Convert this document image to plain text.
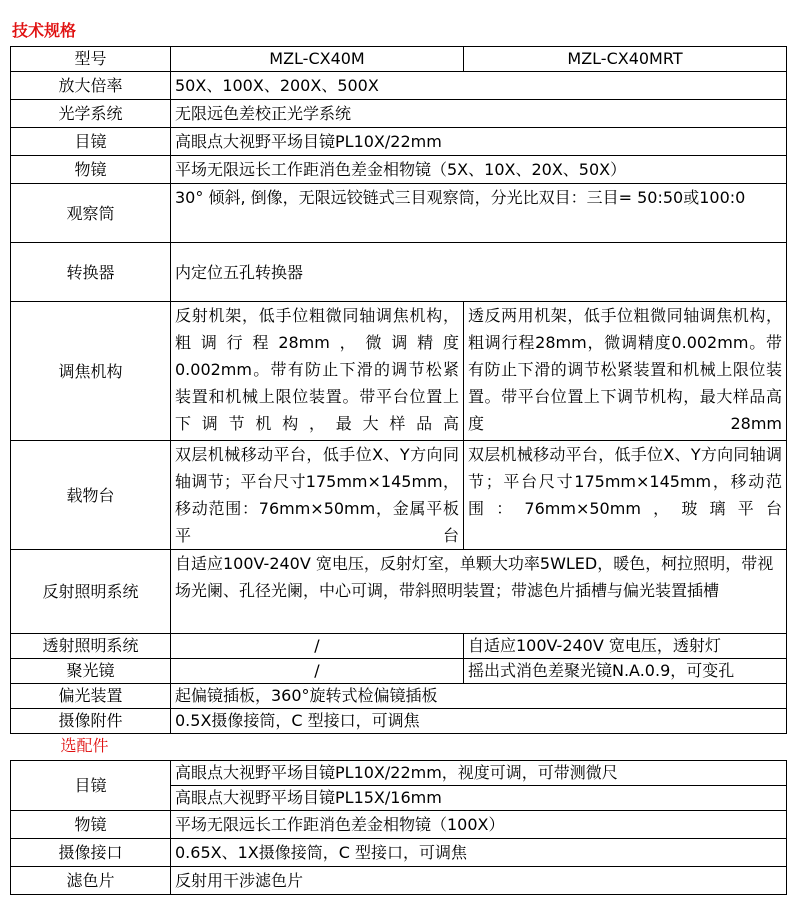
技术规格
型号	MZL-CX40M	MZL-CX40MRT
放大倍率	50X、100X、200X、500X	
光学系统	无限远色差校正光学系统	
目镜	高眼点大视野平场目镜PL10X/22mm	
物镜	平场无限远长工作距消色差金相物镜（5X、10X、20X、50X）	
观察筒	30° 倾斜, 倒像，无限远铰链式三目观察筒，分光比双目：三目= 50:50或100:0	
转换器	内定位五孔转换器	
调焦机构	反射机架，低手位粗微同轴调焦机构，粗调行程28mm，微调精度0.002mm。带有防止下滑的调节松紧装置和机械上限位装置。带平台位置上下调节机构，最大样品高	透反两用机架，低手位粗微同轴调焦机构，粗调行程28mm，微调精度0.002mm。带有防止下滑的调节松紧装置和机械上限位装置。带平台位置上下调节机构，最大样品高度28mm
载物台	双层机械移动平台，低手位X、Y方向同轴调节；平台尺寸175mm×145mm，移动范围：76mm×50mm，金属平板平台	双层机械移动平台，低手位X、Y方向同轴调节；平台尺寸175mm×145mm，移动范围：76mm×50mm，玻璃平台
反射照明系统	自适应100V-240V 宽电压，反射灯室，单颗大功率5WLED，暖色，柯拉照明，带视场光阑、孔径光阑，中心可调，带斜照明装置；带滤色片插槽与偏光装置插槽	
透射照明系统	/	自适应100V-240V 宽电压，透射灯
聚光镜	/	摇出式消色差聚光镜N.A.0.9，可变孔
偏光装置	起偏镜插板，360°旋转式检偏镜插板	
摄像附件	0.5X摄像接筒，C 型接口，可调焦	
选配件		
目镜	高眼点大视野平场目镜PL10X/22mm，视度可调，可带测微尺
	高眼点大视野平场目镜PL15X/16mm
物镜	平场无限远长工作距消色差金相物镜（100X）
摄像接口	0.65X、1X摄像接筒，C 型接口，可调焦
滤色片	反射用干涉滤色片
